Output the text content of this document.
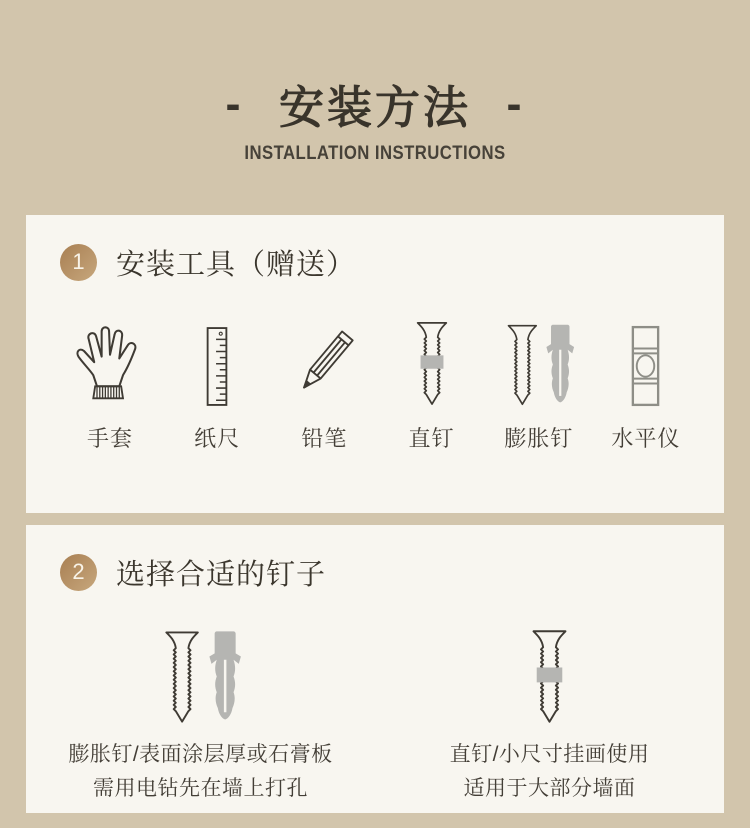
- 安装方法 -
INSTALLATION INSTRUCTIONS
1	安装工具（赠送）
手套	纸尺	铅笔	直钉 膨胀钉 水平仪
2	选择合适的钉子

膨胀钉/表面涂层厚或石膏板
需用电钻先在墙上打孔

直钉/小尺寸挂画使用
适用于大部分墙面
